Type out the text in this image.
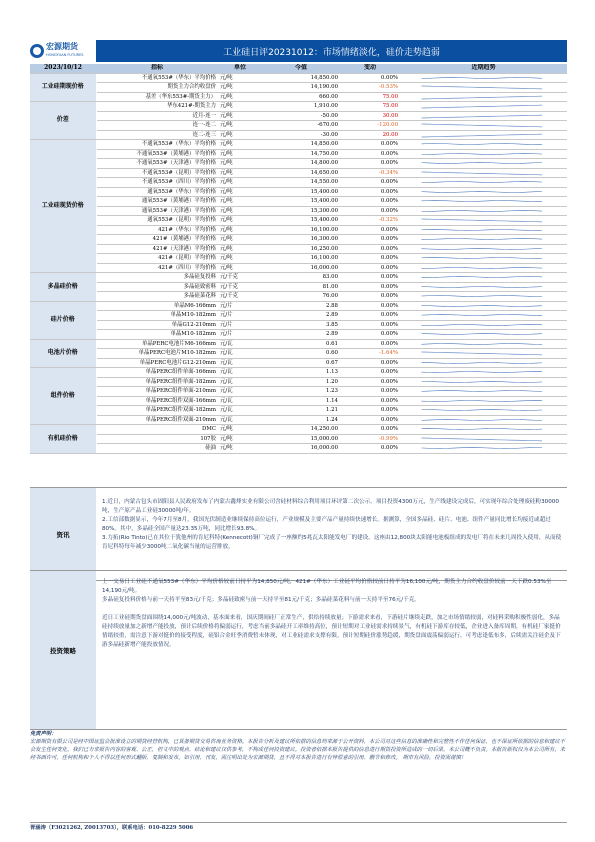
宏源期货
HONGYUAN FUTURES	工业硅日评20231012：市场情绪淡化，硅价走势趋弱
2023/10/12	指标	单位	今值	变动	近期趋势
工业硅期现价格	不通氧553#（华东）平均价格	元/吨	14,850.00	0.00%	

	期货主力合约收盘价	元/吨	14,190.00	-0.53%	

	基差（华东553#-期货主力）	元/吨	660.00	75.00	

价差	华东421#-期货主力	元/吨	1,910.00	75.00	

	近月-连一	元/吨	-50.00	30.00	

	连一-连二	元/吨	-670.00	-120.00	

	连二-连三	元/吨	-30.00	20.00	

工业硅现货价格	不通氧553#（华东）平均价格	元/吨	14,850.00	0.00%	

	不通氧553#（黄埔港）平均价格	元/吨	14,750.00	0.00%	

	不通氧553#（天津港）平均价格	元/吨	14,800.00	0.00%	

	不通氧553#（昆明）平均价格	元/吨	14,650.00	-0.34%	

	不通氧553#（四川）平均价格	元/吨	14,550.00	0.00%	

	通氧553#（华东）平均价格	元/吨	15,400.00	0.00%	

	通氧553#（黄埔港）平均价格	元/吨	15,400.00	0.00%	

	通氧553#（天津港）平均价格	元/吨	15,300.00	0.00%	

	通氧553#（昆明）平均价格	元/吨	15,400.00	-0.32%	

	421#（华东）平均价格	元/吨	16,100.00	0.00%	

	421#（黄埔港）平均价格	元/吨	16,300.00	0.00%	

	421#（天津港）平均价格	元/吨	16,250.00	0.00%	

	421#（昆明）平均价格	元/吨	16,100.00	0.00%	

	421#（四川）平均价格	元/吨	16,000.00	0.00%	

多晶硅价格	多晶硅复投料	元/千克	83.00	0.00%	

	多晶硅致密料	元/千克	81.00	0.00%	

	多晶硅菜花料	元/千克	76.00	0.00%	

硅片价格	单晶M6-166mm	元/片	2.88	0.00%	

	单晶M10-182mm	元/片	2.89	0.00%	

	单晶G12-210mm	元/片	3.85	0.00%	

	单晶M10-182mm	元/片	2.89	0.00%	

电池片价格	单晶PERC电池片M6-166mm	元/瓦	0.61	0.00%	

	单晶PERC电池片M10-182mm	元/瓦	0.60	-1.64%	

	单晶PERC电池片G12-210mm	元/瓦	0.67	0.00%	

组件价格	单晶PERC组件单面-166mm	元/瓦	1.13	0.00%	

	单晶PERC组件单面-182mm	元/瓦	1.20	0.00%	

	单晶PERC组件单面-210mm	元/瓦	1.23	0.00%	

	单晶PERC组件双面-166mm	元/瓦	1.14	0.00%	

	单晶PERC组件双面-182mm	元/瓦	1.21	0.00%	

	单晶PERC组件双面-210mm	元/瓦	1.24	0.00%	

有机硅价格	DMC	元/吨	14,250.00	0.00%	

	107胶	元/吨	15,000.00	-0.99%	

	硅油	元/吨	16,000.00	0.00%	
资讯
1.近日，内蒙古包头市固阳县人民政府发布了内蒙古鑫烽实业有限公司含硅材料综合利用项目环评第二次公示。项目投资4300万元，生产线建设完成后，可实现年综合处理废硅粉30000吨，生产原产品工业硅30000吨/年。
2.工信部数据显示，今年7月至8月，我国光伏制造业继续保持高位运行，产业规模及主要产品产量持续快速增长。据测算，全国多晶硅、硅片、电池、组件产量同比增长均接近或超过80%。其中，多晶硅全国产量达23.35万吨，同比增长93.8%。
3.力拓(Rio Tinto)已在其位于犹他州的肯尼科特(Kennecott)铜厂完成了一座额约5兆瓦太阳能发电厂的建设。这座由12,800块太阳能电池板组成的发电厂将在未来几周投入使用，从而使肯尼科特每年减少3000吨二氧化碳当量的运营排放。
投资策略
上一交易日工业硅不通氧553#（华东）平均价格较前日持平为14,850元/吨，421#（华东）工业硅平均价格较前日持平为16,100元/吨，期货主力合约收盘价较前一天下跌0.53%至14,190元/吨。
多晶硅复投料价格与前一天持平至83元/千克；多晶硅致密与前一天持平至81元/千克；多晶硅菜花料与前一天持平至76元/千克。
近日工业硅期货盘面围绕14,000元/吨波动，基本面来看，国庆期间硅厂正常生产，供给持续放量；下游需求来看，下游硅片继续走跌，加之市场情绪较弱，对硅料采购积极性弱化，多晶硅持续放量加之新增产能投放，预计后续价格将偏弱运行，考虑当前多晶硅开工率维持高位，预计短期对工业硅需求持续景气，有机硅下游库存较低，企业进入备库周期，有机硅厂家挺价情绪较重，需注意下游对挺价的接受程度，硅铝合金旺季消费暂未体现，对工业硅需求支撑有限。预计短期硅价涨势趋缓，期货盘面震荡偏弱运行，可考虑逢低布多，后续需关注硅企及下游多晶硅新增产能投放情况。
免责声明：
宏源期货有限公司是经中国证监会批准设立的期货经营机构，已具备期货交易咨询业务资格。本报告分析及建议所依据的信息均来源于公开资料，本公司对这些信息的准确性和完整性不作任何保证，也不保证所依据的信息和建议不会发生任何变化。我们已力求报告内容的客观、公正，但文中的观点、结论和建议仅供参考，不构成任何投资建议。投资者依据本报告提供的信息进行期货投资所造成的一切后果，本公司概不负责。本报告版权仅为本公司所有，未经书面许可，任何机构和个人不得以任何形式翻版、复制和发布。如引用、刊发，需注明出处为宏源期货，且不得对本报告进行有悖原意的引用、删节和修改。 期市有风险，投资需谨慎！
胥涵涛（F3021262, Z0013703），联系电话：010-8229 5006
